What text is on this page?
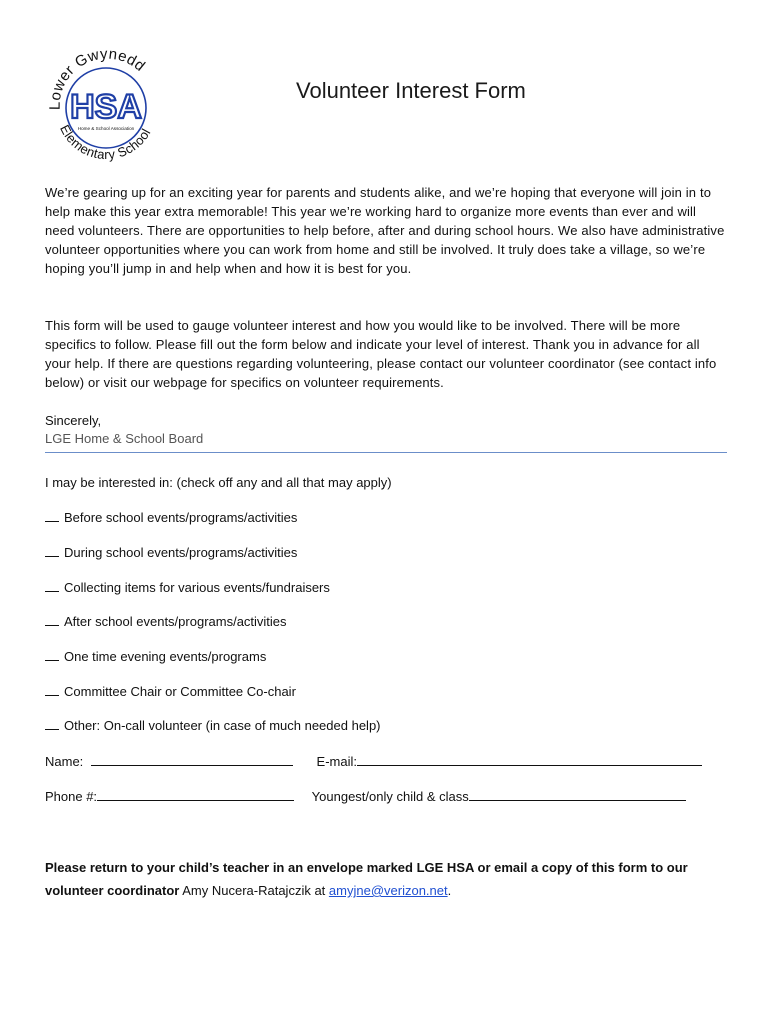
Lower Gwynedd
HSA
Home & School Association
Elementary School
Volunteer Interest Form

We’re gearing up for an exciting year for parents and students alike, and we’re hoping that everyone will join in to help make this year extra memorable! This year we’re working hard to organize more events than ever and will need volunteers. There are opportunities to help before, after and during school hours. We also have administrative volunteer opportunities where you can work from home and still be involved. It truly does take a village, so we’re hoping you’ll jump in and help when and how it is best for you.

This form will be used to gauge volunteer interest and how you would like to be involved. There will be more specifics to follow. Please fill out the form below and indicate your level of interest. Thank you in advance for all your help. If there are questions regarding volunteering, please contact our volunteer coordinator (see contact info below) or visit our webpage for specifics on volunteer requirements.

Sincerely,
LGE Home & School Board
I may be interested in: (check off any and all that may apply)
Before school events/programs/activities
During school events/programs/activities
Collecting items for various events/fundraisers
After school events/programs/activities
One time evening events/programs
Committee Chair or Committee Co-chair
Other: On-call volunteer (in case of much needed help)
Name:	E-mail:
Phone #:	Youngest/only child & class
Please return to your child’s teacher in an envelope marked LGE HSA or email a copy of this form to our volunteer coordinator Amy Nucera-Ratajczik at amyjne@verizon.net.
